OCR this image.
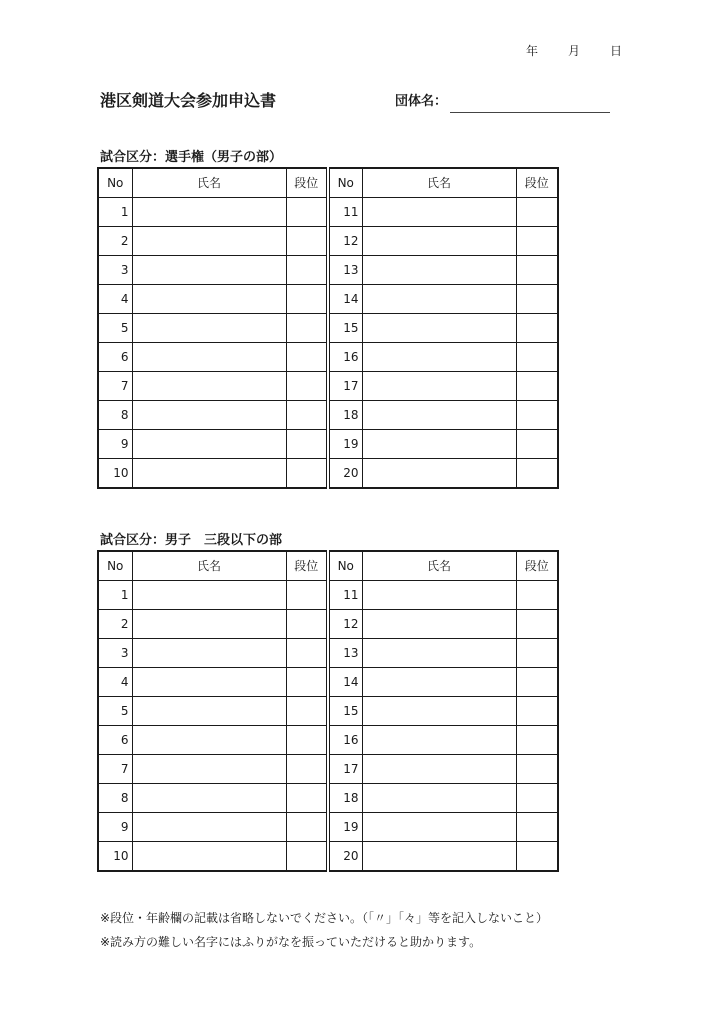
年 月 日
港区剣道大会参加申込書	団体名：
試合区分：選手権（男子の部）
No	氏名	段位	No	氏名	段位
1			11		
2			12		
3			13		
4			14		
5			15		
6			16		
7			17		
8			18		
9			19		
10			20		
試合区分：男子　三段以下の部
No	氏名	段位	No	氏名	段位
1			11		
2			12		
3			13		
4			14		
5			15		
6			16		
7			17		
8			18		
9			19		
10			20		
※段位・年齢欄の記載は省略しないでください。（「〃」「々」等を記入しないこと）
※読み方の難しい名字にはふりがなを振っていただけると助かります。
